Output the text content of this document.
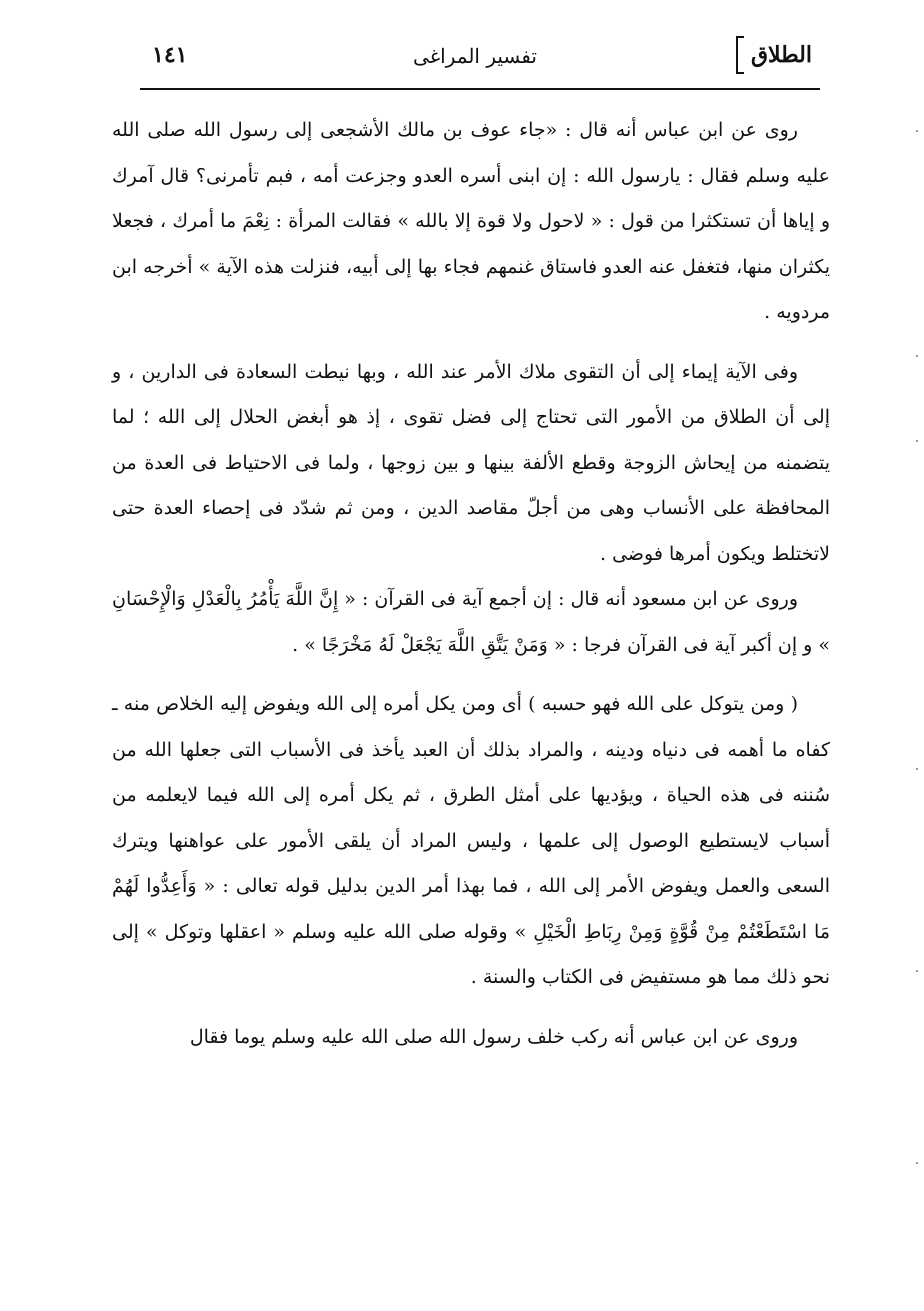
الطلاق
تفسير المراغى
١٤١

روى عن ابن عباس أنه قال : «جاء عوف بن مالك الأشجعى إلى رسول الله صلى الله عليه وسلم فقال : يارسول الله : إن ابنى أسره العدو وجزعت أمه ، فبم تأمرنى؟ قال آمرك و إياها أن تستكثرا من قول : « لاحول ولا قوة إلا بالله » فقالت المرأة : نِعْمَ ما أمرك ، فجعلا يكثران منها، فتغفل عنه العدو فاستاق غنمهم فجاء بها إلى أبيه، فنزلت هذه الآية » أخرجه ابن مردويه .

وفى الآية إيماء إلى أن التقوى ملاك الأمر عند الله ، وبها نيطت السعادة فى الدارين ، و إلى أن الطلاق من الأمور التى تحتاج إلى فضل تقوى ، إذ هو أبغض الحلال إلى الله ؛ لما يتضمنه من إيحاش الزوجة وقطع الألفة بينها و بين زوجها ، ولما فى الاحتياط فى العدة من المحافظة على الأنساب وهى من أجلّ مقاصد الدين ، ومن ثم شدّد فى إحصاء العدة حتى لاتختلط ويكون أمرها فوضى .

وروى عن ابن مسعود أنه قال : إن أجمع آية فى القرآن : « إِنَّ اللَّهَ يَأْمُرُ بِالْعَدْلِ وَالْإِحْسَانِ » و إن أكبر آية فى القرآن فرجا : « وَمَنْ يَتَّقِ اللَّهَ يَجْعَلْ لَهُ مَخْرَجًا » .

( ومن يتوكل على الله فهو حسبه ) أى ومن يكل أمره إلى الله ويفوض إليه الخلاص منه ـ كفاه ما أهمه فى دنياه ودينه ، والمراد بذلك أن العبد يأخذ فى الأسباب التى جعلها الله من سُننه فى هذه الحياة ، ويؤديها على أمثل الطرق ، ثم يكل أمره إلى الله فيما لايعلمه من أسباب لايستطيع الوصول إلى علمها ، وليس المراد أن يلقى الأمور على عواهنها ويترك السعى والعمل ويفوض الأمر إلى الله ، فما بهذا أمر الدين بدليل قوله تعالى : « وَأَعِدُّوا لَهُمْ مَا اسْتَطَعْتُمْ مِنْ قُوَّةٍ وَمِنْ رِبَاطِ الْخَيْلِ » وقوله صلى الله عليه وسلم « اعقلها وتوكل » إلى نحو ذلك مما هو مستفيض فى الكتاب والسنة .

وروى عن ابن عباس أنه ركب خلف رسول الله صلى الله عليه وسلم يوما فقال
